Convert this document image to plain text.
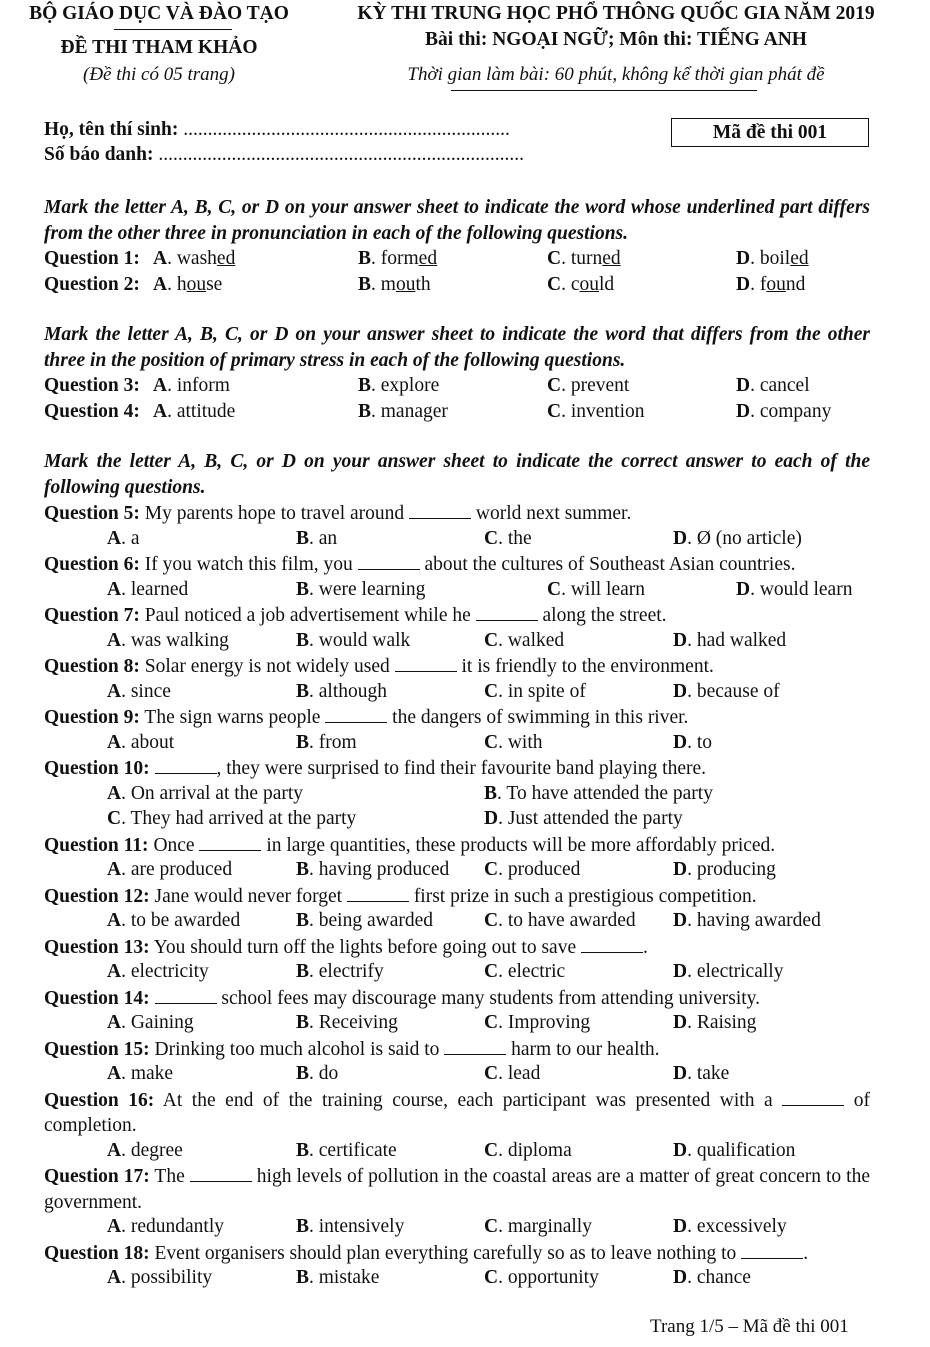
BỘ GIÁO DỤC VÀ ĐÀO TẠO
ĐỀ THI THAM KHẢO
(Đề thi có 05 trang)
KỲ THI TRUNG HỌC PHỔ THÔNG QUỐC GIA NĂM 2019
Bài thi: NGOẠI NGỮ; Môn thi: TIẾNG ANH
Thời gian làm bài: 60 phút, không kể thời gian phát đề
Họ, tên thí sinh: ...................................................................
Số báo danh: ...........................................................................
Mã đề thi 001
Mark the letter A, B, C, or D on your answer sheet to indicate the word whose underlined part differs from the other three in pronunciation in each of the following questions.
Question 1: A. washed	B. formed	C. turned	D. boiled
Question 2: A. house	B. mouth	C. could	D. found
Mark the letter A, B, C, or D on your answer sheet to indicate the word that differs from the other three in the position of primary stress in each of the following questions.
Question 3: A. inform	B. explore	C. prevent	D. cancel
Question 4: A. attitude	B. manager	C. invention	D. company
Mark the letter A, B, C, or D on your answer sheet to indicate the correct answer to each of the following questions.
Question 5: My parents hope to travel around	world next summer.
A. a	B. an	C. the	D. Ø (no article)
Question 6: If you watch this film, you	about the cultures of Southeast Asian countries.
A. learned	B. were learning	C. will learn	D. would learn
Question 7: Paul noticed a job advertisement while he	along the street.
A. was walking	B. would walk	C. walked	D. had walked
Question 8: Solar energy is not widely used	it is friendly to the environment.
A. since	B. although	C. in spite of	D. because of
Question 9: The sign warns people	the dangers of swimming in this river.
A. about	B. from	C. with	D. to
Question 10:	, they were surprised to find their favourite band playing there.
A. On arrival at the party	B. To have attended the party
C. They had arrived at the party	D. Just attended the party
Question 11: Once	in large quantities, these products will be more affordably priced.
A. are produced	B. having produced C. produced	D. producing
Question 12: Jane would never forget	first prize in such a prestigious competition.
A. to be awarded	B. being awarded	C. to have awarded D. having awarded
Question 13: You should turn off the lights before going out to save	.
A. electricity	B. electrify	C. electric	D. electrically
Question 14:	school fees may discourage many students from attending university.
A. Gaining	B. Receiving	C. Improving	D. Raising
Question 15: Drinking too much alcohol is said to	harm to our health.
A. make	B. do	C. lead	D. take
Question 16: At the end of the training course, each participant was presented with a	of completion.
A. degree	B. certificate	C. diploma	D. qualification
Question 17: The	high levels of pollution in the coastal areas are a matter of great concern to the government.
A. redundantly	B. intensively	C. marginally	D. excessively
Question 18: Event organisers should plan everything carefully so as to leave nothing to	.
A. possibility	B. mistake	C. opportunity	D. chance
Trang 1/5 – Mã đề thi 001
